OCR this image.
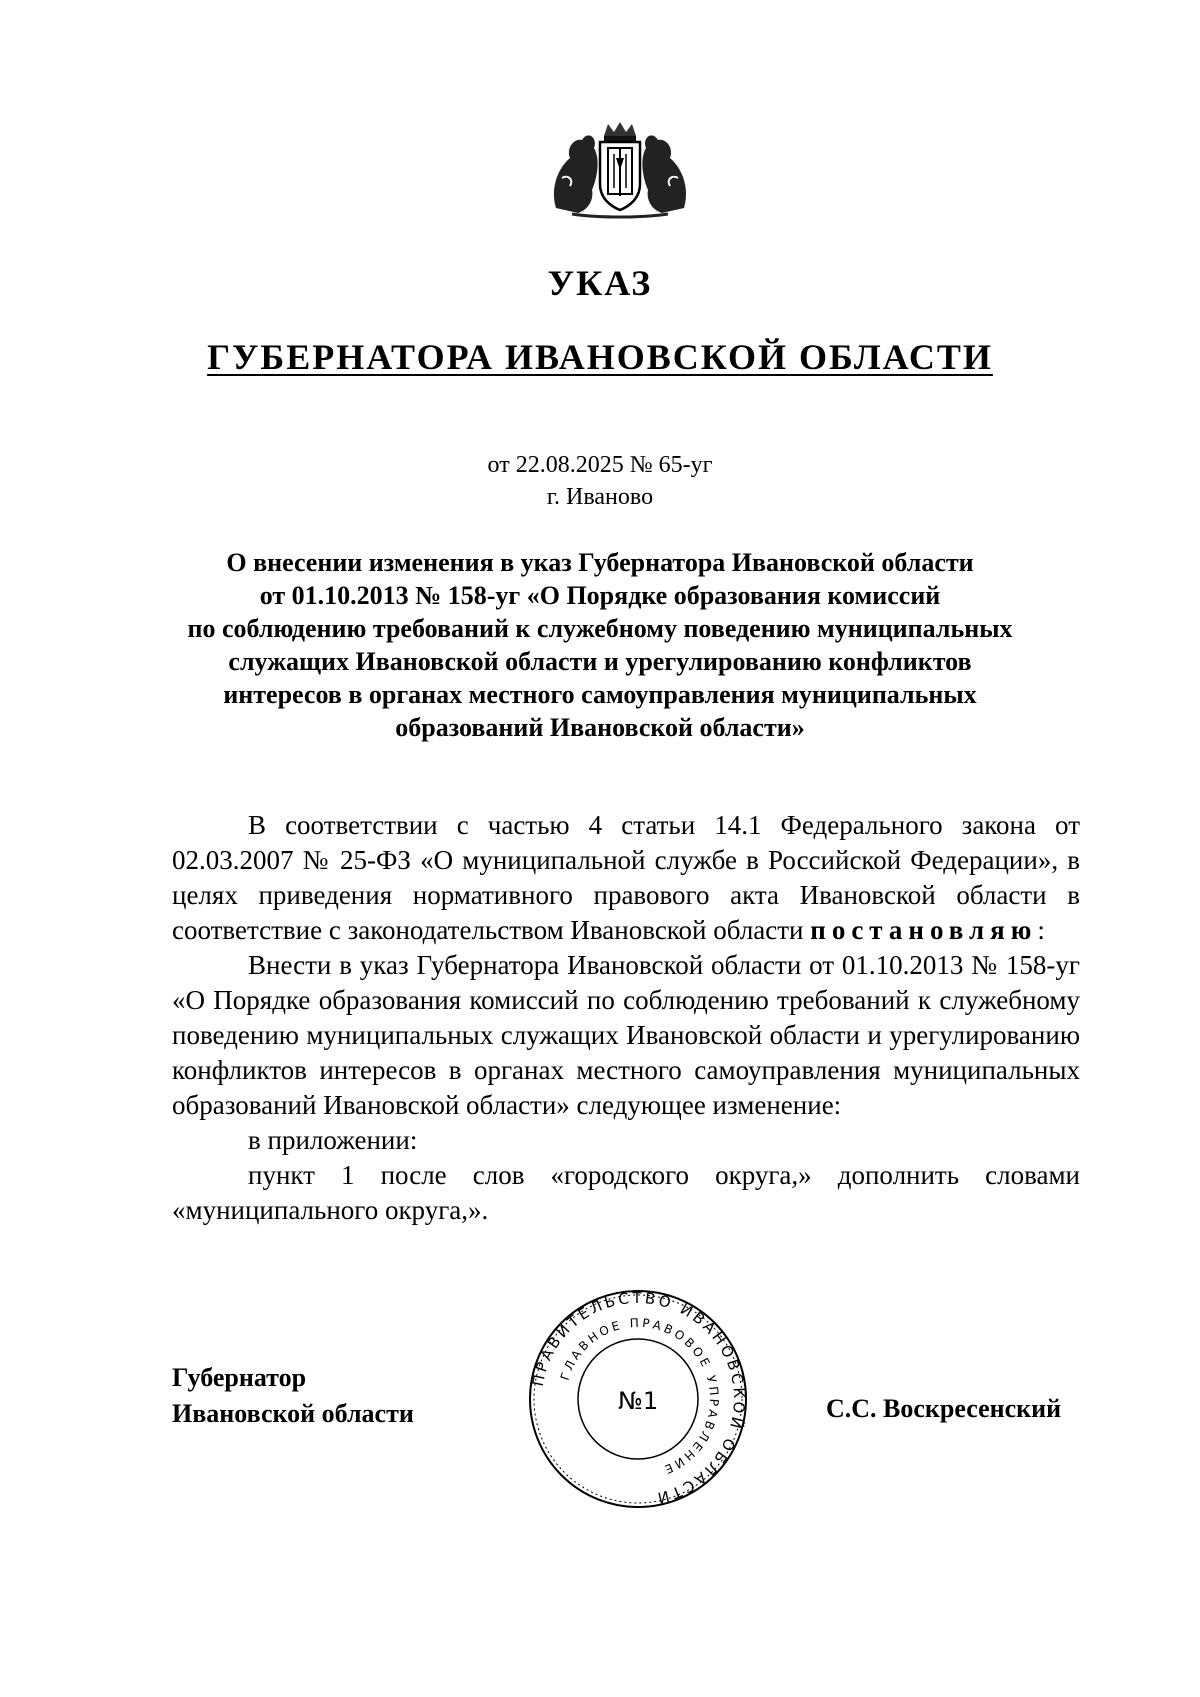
УКАЗ
ГУБЕРНАТОРА ИВАНОВСКОЙ ОБЛАСТИ
от 22.08.2025 № 65-уг
г. Иваново
О внесении изменения в указ Губернатора Ивановской области
от 01.10.2013 № 158-уг «О Порядке образования комиссий
по соблюдению требований к служебному поведению муниципальных
служащих Ивановской области и урегулированию конфликтов
интересов в органах местного самоуправления муниципальных
образований Ивановской области»

В соответствии с частью 4 статьи 14.1 Федерального закона от 02.03.2007 № 25-ФЗ «О муниципальной службе в Российской Федерации», в целях приведения нормативного правового акта Ивановской области в соответствие с законодательством Ивановской области постановляю:

Внести в указ Губернатора Ивановской области от 01.10.2013 № 158-уг «О Порядке образования комиссий по соблюдению требований к служебному поведению муниципальных служащих Ивановской области и урегулированию конфликтов интересов в органах местного самоуправления муниципальных образований Ивановской области» следующее изменение:

в приложении:

пункт 1 после слов «городского округа,» дополнить словами «муниципального округа,».

Губернатор
Ивановской области
ПРАВИТЕЛЬСТВО ИВАНОВСКОЙ ОБЛАСТИ
ГЛАВНОЕ ПРАВОВОЕ УПРАВЛЕНИЕ
№1	С.С. Воскресенский
